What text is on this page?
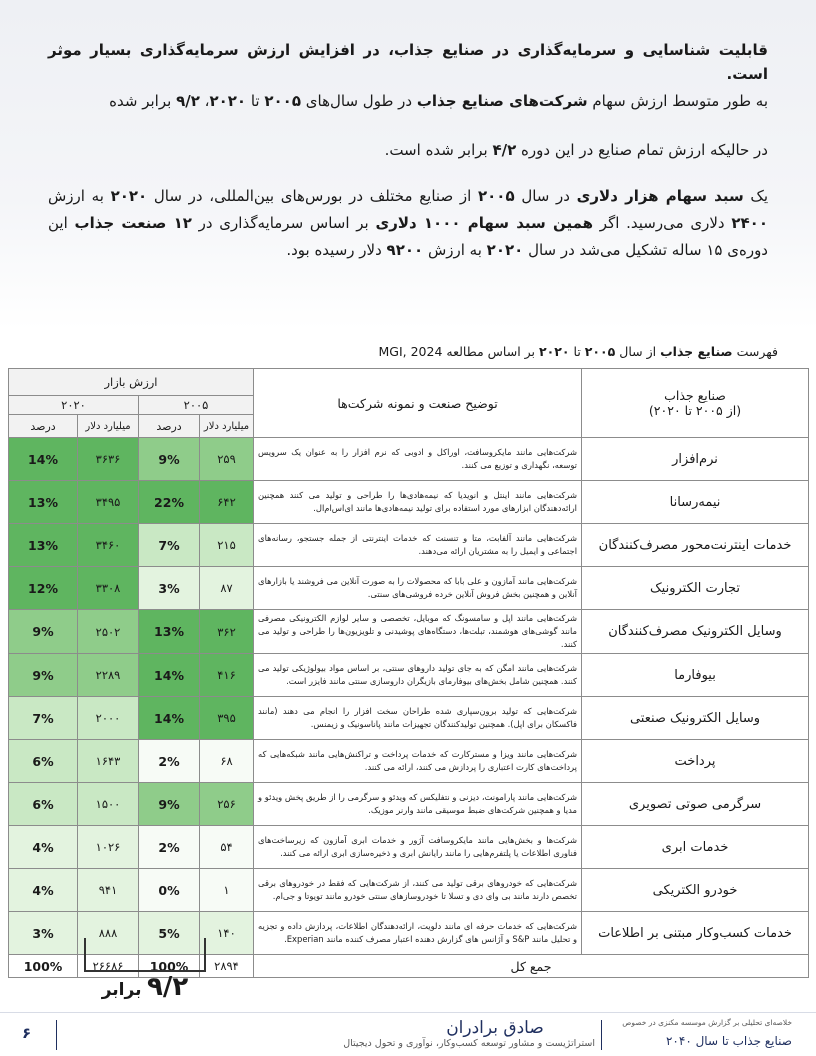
قابلیت شناسایی و سرمایه‌گذاری در صنایع جذاب، در افزایش ارزش سرمایه‌گذاری بسیار موثر است.
به طور متوسط ارزش سهام شرکت‌های صنایع جذاب در طول سال‌های ۲۰۰۵ تا ۲۰۲۰، ۹/۲ برابر شده
در حالیکه ارزش تمام صنایع در این دوره ۴/۲ برابر شده است.
یک سبد سهام هزار دلاری در سال ۲۰۰۵ از صنایع مختلف در بورس‌های بین‌المللی، در سال ۲۰۲۰ به ارزش ۲۴۰۰ دلاری می‌رسید. اگر همین سبد سهام ۱۰۰۰ دلاری بر اساس سرمایه‌گذاری در ۱۲ صنعت جذاب این دوره‌ی ۱۵ ساله تشکیل می‌شد در سال ۲۰۲۰ به ارزش ۹۲۰۰ دلار رسیده بود.
فهرست صنایع جذاب از سال ۲۰۰۵ تا ۲۰۲۰ بر اساس مطالعه MGI, 2024
صنایع جذاب
(از ۲۰۰۵ تا ۲۰۲۰)	توضیح صنعت و نمونه شرکت‌ها	ارزش بازار			
		۲۰۰۵		۲۰۲۰	
		میلیارد دلار	درصد	میلیارد دلار	درصد
نرم‌افزار	شرکت‌هایی مانند مایکروسافت، اوراکل و ادوبی که نرم افزار را به عنوان یک سرویس توسعه، نگهداری و توزیع می کنند.	۲۵۹	9%	۳۶۳۶	14%
نیمه‌رسانا	شرکت‌هایی مانند اینتل و انویدیا که نیمه‌هادی‌ها را طراحی و تولید می کنند همچنین ارائه‌دهندگان ابزارهای مورد استفاده برای تولید نیمه‌هادی‌ها مانند ای‌اس‌ام‌ال.	۶۴۲	22%	۳۴۹۵	13%
خدمات اینترنت‌محور مصرف‌کنندگان	شرکت‌هایی مانند آلفابت، متا و تنسنت که خدمات اینترنتی از جمله جستجو، رسانه‌های اجتماعی و ایمیل را به مشتریان ارائه می‌دهند.	۲۱۵	7%	۳۴۶۰	13%
تجارت الکترونیک	شرکت‌هایی مانند آمازون و علی بابا که محصولات را به صورت آنلاین می فروشند یا بازارهای آنلاین و همچنین بخش فروش آنلاین خرده فروشی‌های سنتی.	۸۷	3%	۳۳۰۸	12%
وسایل الکترونیک مصرف‌کنندگان	شرکت‌هایی مانند اپل و سامسونگ که موبایل، تخصصی و سایر لوازم الکترونیکی مصرفی مانند گوشی‌های هوشمند، تبلت‌ها، دستگاه‌های پوشیدنی و تلویزیون‌ها را طراحی و تولید می کنند.	۳۶۲	13%	۲۵۰۲	9%
بیوفارما	شرکت‌هایی مانند امگن که به جای تولید داروهای سنتی، بر اساس مواد بیولوژیکی تولید می کنند. همچنین شامل بخش‌های بیوفارمای بازیگران داروسازی سنتی مانند فایزر است.	۴۱۶	14%	۲۲۸۹	9%
وسایل الکترونیک صنعتی	شرکت‌هایی که تولید برون‌سپاری شده طراحان سخت افزار را انجام می دهند (مانند فاکسکان برای اپل). همچنین تولیدکنندگان تجهیزات مانند پاناسونیک و زیمنس.	۳۹۵	14%	۲۰۰۰	7%
پرداخت	شرکت‌هایی مانند ویزا و مسترکارت که خدمات پرداخت و تراکنش‌هایی مانند شبکه‌هایی که پرداخت‌های کارت اعتباری را پردازش می کنند، ارائه می کنند.	۶۸	2%	۱۶۴۳	6%
سرگرمی صوتی تصویری	شرکت‌هایی مانند پارامونت، دیزنی و نتفلیکس که ویدئو و سرگرمی را از طریق پخش ویدئو و مدیا و همچنین شرکت‌های ضبط موسیقی مانند وارنر موزیک.	۲۵۶	9%	۱۵۰۰	6%
خدمات ابری	شرکت‌ها و بخش‌هایی مانند مایکروسافت آژور و خدمات ابری آمازون که زیرساخت‌های فناوری اطلاعات یا پلتفرم‌هایی را مانند رایانش ابری و ذخیره‌سازی ابری ارائه می کنند.	۵۴	2%	۱۰۲۶	4%
خودرو الکتریکی	شرکت‌هایی که خودروهای برقی تولید می کنند، از شرکت‌هایی که فقط در خودروهای برقی تخصص دارند مانند بی وای دی و تسلا تا خودروسازهای سنتی خودرو مانند تویوتا و جی‌ام.	۱	0%	۹۴۱	4%
خدمات کسب‌وکار مبتنی بر اطلاعات	شرکت‌هایی که خدمات حرفه ای مانند دلویت، ارائه‌دهندگان اطلاعات، پردازش داده و تجزیه و تحلیل مانند S&P و آژانس های گزارش دهنده اعتبار مصرف کننده مانند Experian.	۱۴۰	5%	۸۸۸	3%
جمع کل		۲۸۹۴	100%	۲۶۶۸۶	100%
۹/۲ برابر
۶	صادق برادران
استراتژیست و مشاور توسعه کسب‌وکار، نوآوری و تحول دیجیتال
خلاصه‌ای تحلیلی بر گزارش موسسه مکنزی در خصوص
صنایع جذاب تا سال ۲۰۴۰
